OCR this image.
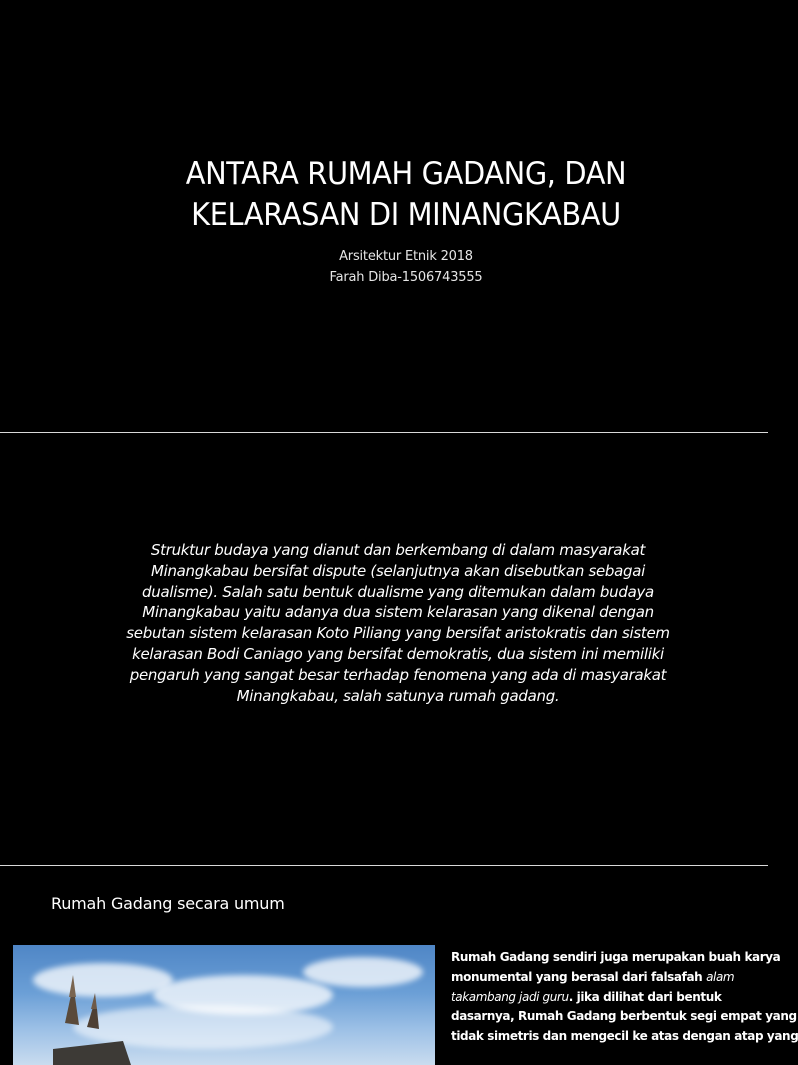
ANTARA RUMAH GADANG, DAN
KELARASAN DI MINANGKABAU
Arsitektur Etnik 2018
Farah Diba-1506743555
Struktur budaya yang dianut dan berkembang di dalam masyarakat
Minangkabau bersifat dispute (selanjutnya akan disebutkan sebagai
dualisme). Salah satu bentuk dualisme yang ditemukan dalam budaya
Minangkabau yaitu adanya dua sistem kelarasan yang dikenal dengan
sebutan sistem kelarasan Koto Piliang yang bersifat aristokratis dan sistem
kelarasan Bodi Caniago yang bersifat demokratis, dua sistem ini memiliki
pengaruh yang sangat besar terhadap fenomena yang ada di masyarakat
Minangkabau, salah satunya rumah gadang.
Rumah Gadang secara umum
Rumah Gadang sendiri juga merupakan buah karya
monumental yang berasal dari falsafah alam
takambang jadi guru. jika dilihat dari bentuk
dasarnya, Rumah Gadang berbentuk segi empat yang
tidak simetris dan mengecil ke atas dengan atap yang
